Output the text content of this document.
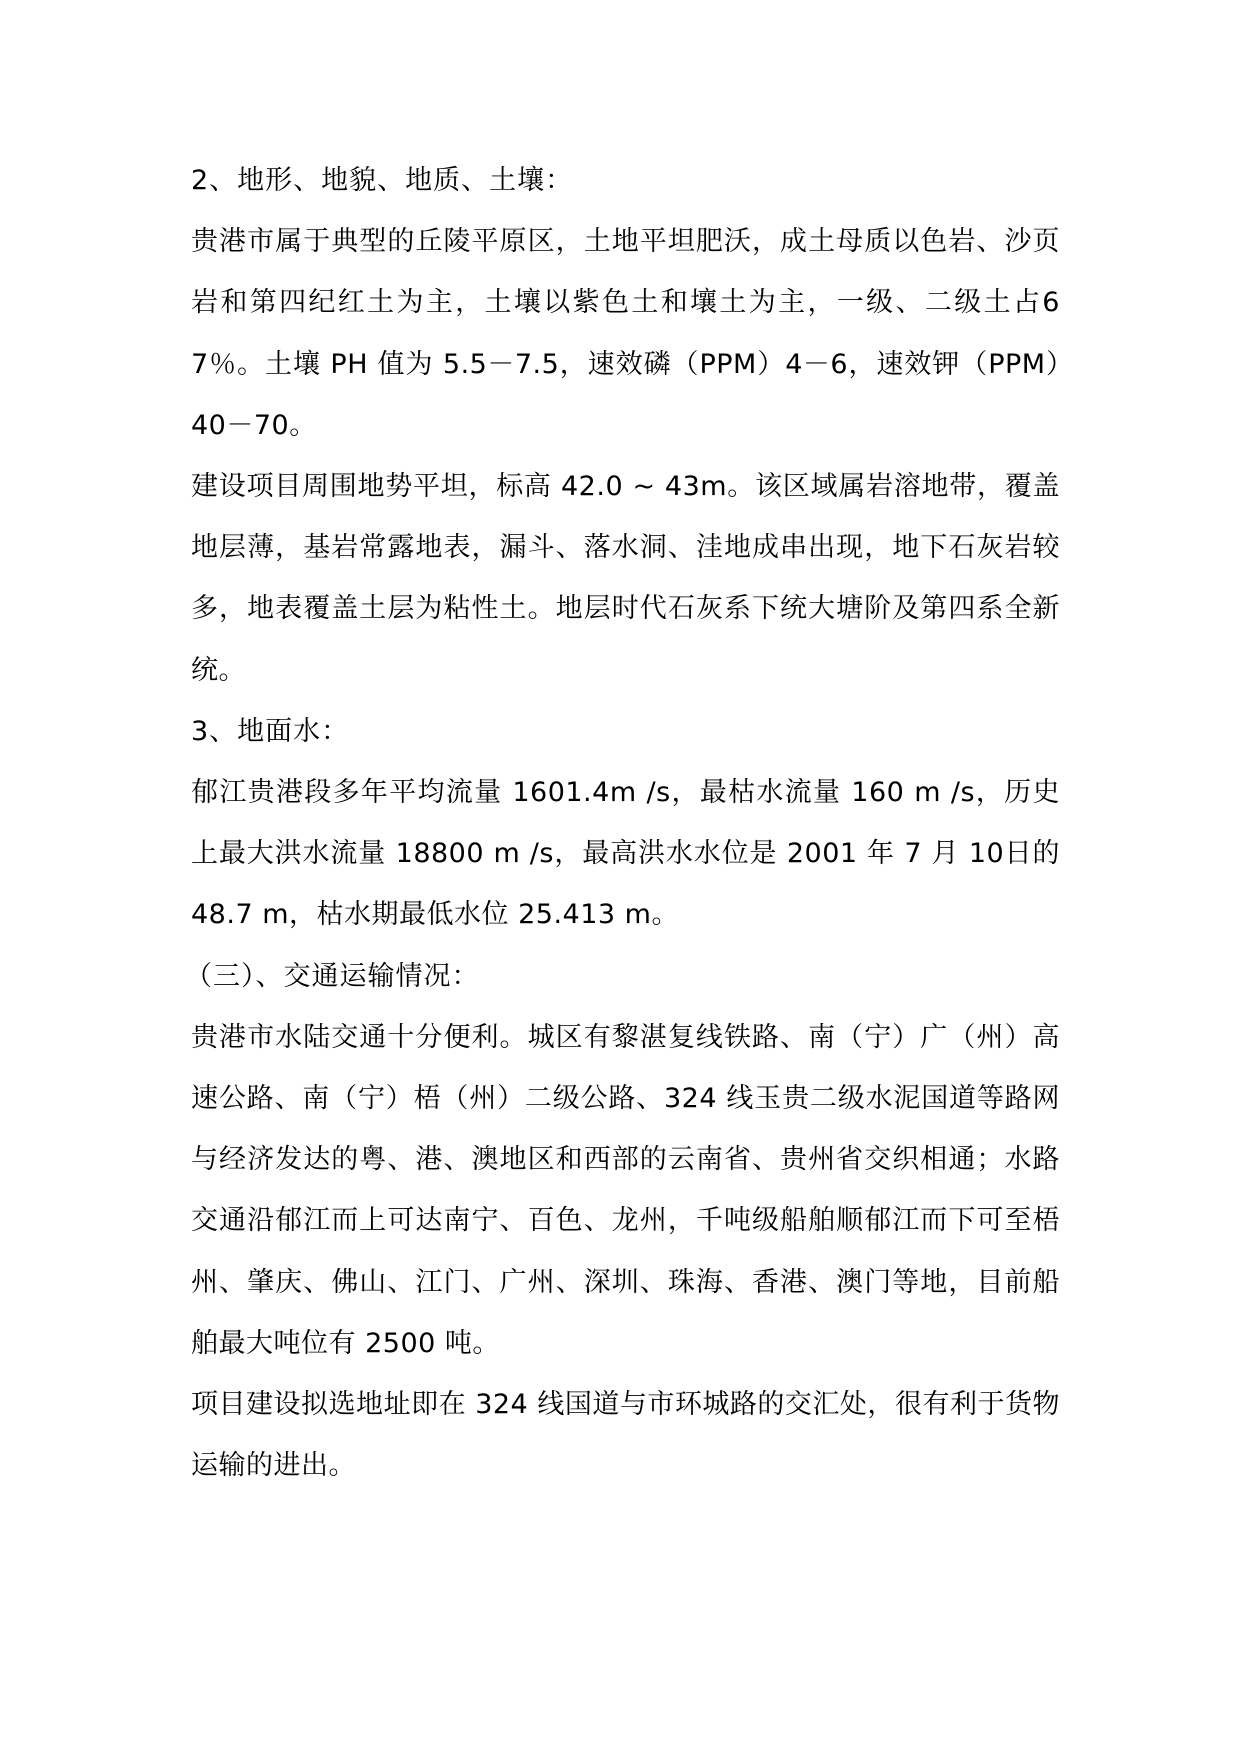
2、地形、地貌、地质、土壤：

贵港市属于典型的丘陵平原区，土地平坦肥沃，成土母质以色岩、沙页岩和第四纪红土为主，土壤以紫色土和壤土为主，一级、二级土占67％。土壤 PH 值为 5.5－7.5，速效磷（PPM）4－6，速效钾（PPM）40－70。

建设项目周围地势平坦，标高 42.0 ~ 43m。该区域属岩溶地带，覆盖地层薄，基岩常露地表，漏斗、落水洞、洼地成串出现，地下石灰岩较多，地表覆盖土层为粘性土。地层时代石灰系下统大塘阶及第四系全新统。

3、地面水：

郁江贵港段多年平均流量 1601.4m /s，最枯水流量 160 m /s，历史上最大洪水流量 18800 m /s，最高洪水水位是 2001 年 7 月 10日的 48.7 m，枯水期最低水位 25.413 m。

（三）、交通运输情况：

贵港市水陆交通十分便利。城区有黎湛复线铁路、南（宁）广（州）高速公路、南（宁）梧（州）二级公路、324 线玉贵二级水泥国道等路网与经济发达的粤、港、澳地区和西部的云南省、贵州省交织相通；水路交通沿郁江而上可达南宁、百色、龙州，千吨级船舶顺郁江而下可至梧州、肇庆、佛山、江门、广州、深圳、珠海、香港、澳门等地，目前船舶最大吨位有 2500 吨。

项目建设拟选地址即在 324 线国道与市环城路的交汇处，很有利于货物运输的进出。
